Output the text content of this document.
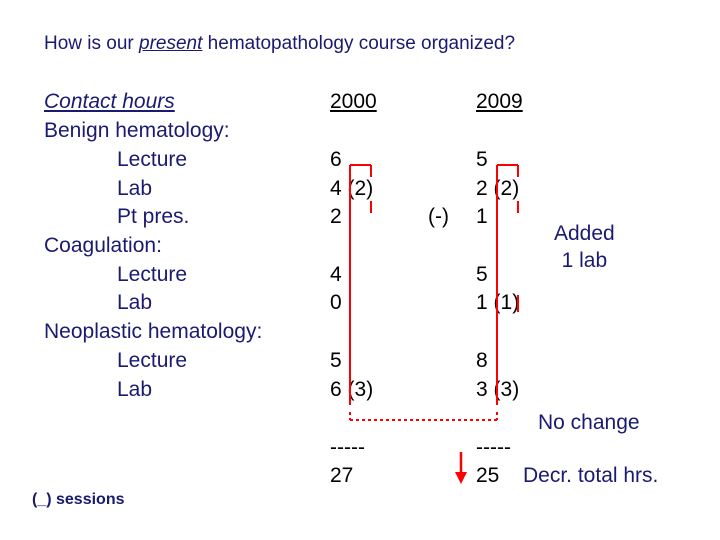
How is our present hematopathology course organized?
Contact hours	2000	2009
Benign hematology:
Lecture
Lab
Pt pres.
Coagulation:
Lecture
Lab
Neoplastic hematology:
Lecture
Lab
6
4 (2)
2
4
0
5
6 (3)
-----
27
5
2 (2)
1
5
1 (1)
8
3 (3)
-----
25
(-)
Added
1 lab
No change
Decr. total hrs.
(_) sessions
